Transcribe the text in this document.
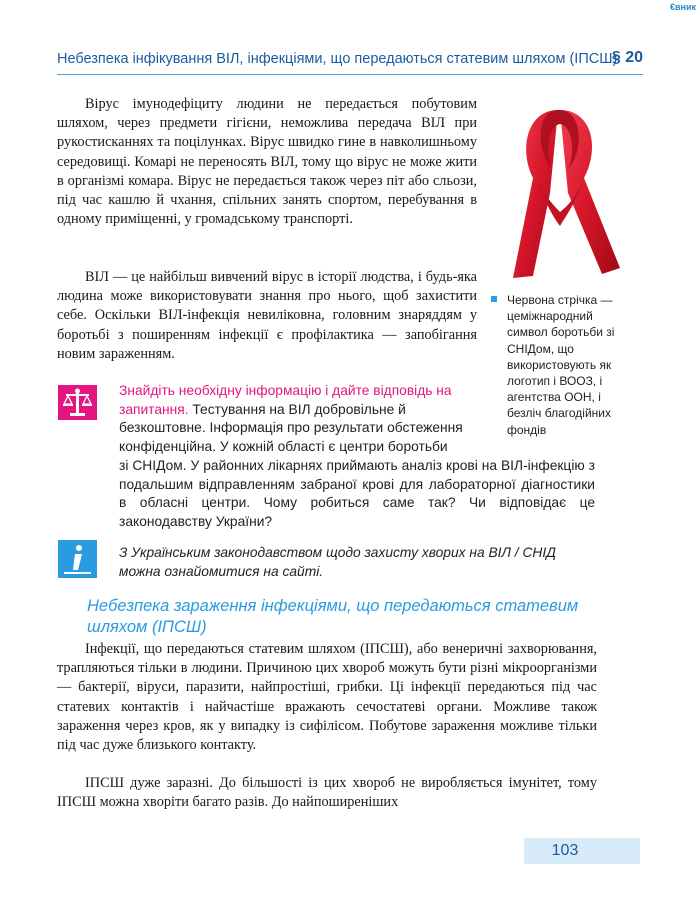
€вник
Небезпека інфікування ВІЛ, інфекціями, що передаються статевим шляхом (ІПСШ)
§ 20

Вірус імунодефіциту людини не передається побутовим шляхом, через предмети гігієни, неможлива передача ВІЛ при рукостисканнях та поцілунках. Вірус швидко гине в навколишньому середовищі. Комарі не переносять ВІЛ, тому що вірус не може жити в організмі комара. Вірус не передається також через піт або сльози, під час кашлю й чхання, спільних занять спортом, перебування в одному приміщенні, у громадському транспорті.

ВІЛ — це найбільш вивчений вірус в історії людства, і будь-яка людина може використовувати знання про нього, щоб захистити себе. Оскільки ВІЛ-інфекція невиліковна, головним знаряддям у боротьбі з поширенням інфекції є профілактика — запобігання новим зараженням.

Червона стрічка — цеміжнародний символ боротьби зі СНІДом, що використовують як логотип і ВООЗ, і агентства ООН, і безліч благодійних фондів

Знайдіть необхідну інформацію і дайте відповідь на запитання. Тестування на ВІЛ добровільне й безкоштовне. Інформація про результати обстеження конфіденційна. У кожній області є центри боротьби

зі СНІДом. У районних лікарнях приймають аналіз крові на ВІЛ-інфекцію з подальшим відправленням забраної крові для лабораторної діагностики в обласні центри. Чому робиться саме так? Чи відповідає це законодавству України?

З Українським законодавством щодо захисту хворих на ВІЛ / СНІД можна ознайомитися на сайті.

Небезпека зараження інфекціями, що передаються статевим шляхом (ІПСШ)

Інфекції, що передаються статевим шляхом (ІПСШ), або венеричні захворювання, трапляються тільки в людини. Причиною цих хвороб можуть бути різні мікроорганізми — бактерії, віруси, паразити, найпростіші, грибки. Ці інфекції передаються під час статевих контактів і найчастіше вражають сечостатеві органи. Можливе також зараження через кров, як у випадку із сифілісом. Побутове зараження можливе тільки під час дуже близького контакту.

ІПСШ дуже заразні. До більшості із цих хвороб не виробляється імунітет, тому ІПСШ можна хворіти багато разів. До найпоширеніших

103
